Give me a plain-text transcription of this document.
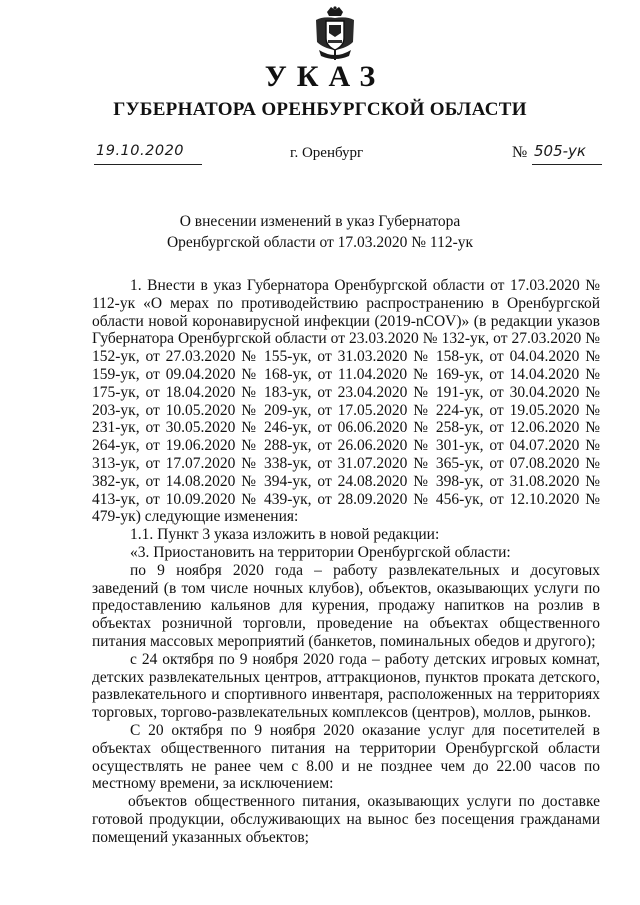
УКАЗ
ГУБЕРНАТОРА ОРЕНБУРГСКОЙ ОБЛАСТИ
19.10.2020	г. Оренбург	№ 505-ук
О внесении изменений в указ Губернатора
Оренбургской области от 17.03.2020 № 112-ук

1. Внести в указ Губернатора Оренбургской области от 17.03.2020 № 112-ук «О мерах по противодействию распространению в Оренбургской области новой коронавирусной инфекции (2019-nCOV)» (в редакции указов Губернатора Оренбургской области от 23.03.2020 № 132-ук, от 27.03.2020 № 152-ук, от 27.03.2020 № 155-ук, от 31.03.2020 № 158-ук, от 04.04.2020 № 159-ук, от 09.04.2020 № 168-ук, от 11.04.2020 № 169-ук, от 14.04.2020 № 175-ук, от 18.04.2020 № 183-ук, от 23.04.2020 № 191-ук, от 30.04.2020 № 203-ук, от 10.05.2020 № 209-ук, от 17.05.2020 № 224-ук, от 19.05.2020 № 231-ук, от 30.05.2020 № 246-ук, от 06.06.2020 № 258-ук, от 12.06.2020 № 264-ук, от 19.06.2020 № 288-ук, от 26.06.2020 № 301-ук, от 04.07.2020 № 313-ук, от 17.07.2020 № 338-ук, от 31.07.2020 № 365-ук, от 07.08.2020 № 382-ук, от 14.08.2020 № 394-ук, от 24.08.2020 № 398-ук, от 31.08.2020 № 413-ук, от 10.09.2020 № 439-ук, от 28.09.2020 № 456-ук, от 12.10.2020 № 479-ук) следующие изменения:

1.1. Пункт 3 указа изложить в новой редакции:

«3. Приостановить на территории Оренбургской области:

по 9 ноября 2020 года – работу развлекательных и досуговых заведений (в том числе ночных клубов), объектов, оказывающих услуги по предоставлению кальянов для курения, продажу напитков на розлив в объектах розничной торговли, проведение на объектах общественного питания массовых мероприятий (банкетов, поминальных обедов и другого);

с 24 октября по 9 ноября 2020 года – работу детских игровых комнат, детских развлекательных центров, аттракционов, пунктов проката детского, развлекательного и спортивного инвентаря, расположенных на территориях торговых, торгово-развлекательных комплексов (центров), моллов, рынков.

С 20 октября по 9 ноября 2020 оказание услуг для посетителей в объектах общественного питания на территории Оренбургской области осуществлять не ранее чем с 8.00 и не позднее чем до 22.00 часов по местному времени, за исключением:

объектов общественного питания, оказывающих услуги по доставке готовой продукции, обслуживающих на вынос без посещения гражданами помещений указанных объектов;
